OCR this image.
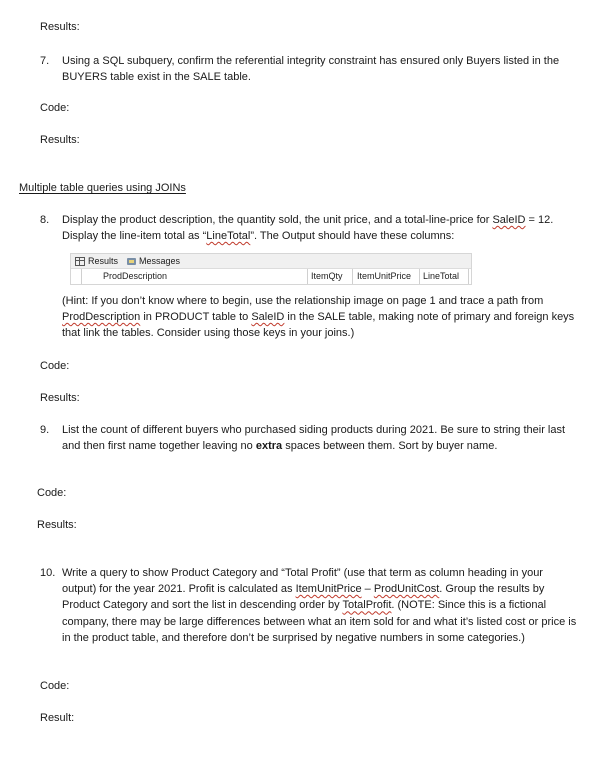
Results:
7. Using a SQL subquery, confirm the referential integrity constraint has ensured only Buyers listed in the BUYERS table exist in the SALE table.
Code:
Results:
Multiple table queries using JOINs
8. Display the product description, the quantity sold, the unit price, and a total-line-price for SaleID = 12. Display the line-item total as “LineTotal”. The Output should have these columns:
Results Messages
ProdDescription	ItemQty ItemUnitPrice LineTotal
(Hint: If you don’t know where to begin, use the relationship image on page 1 and trace a path from ProdDescription in PRODUCT table to SaleID in the SALE table, making note of primary and foreign keys that link the tables. Consider using those keys in your joins.)
Code:
Results:
9. List the count of different buyers who purchased siding products during 2021. Be sure to string their last and then first name together leaving no extra spaces between them. Sort by buyer name.
Code:
Results:
10. Write a query to show Product Category and “Total Profit” (use that term as column heading in your output) for the year 2021. Profit is calculated as ItemUnitPrice – ProdUnitCost. Group the results by Product Category and sort the list in descending order by TotalProfit. (NOTE: Since this is a fictional company, there may be large differences between what an item sold for and what it’s listed cost or price is in the product table, and therefore don’t be surprised by negative numbers in some categories.)
Code:
Result:
